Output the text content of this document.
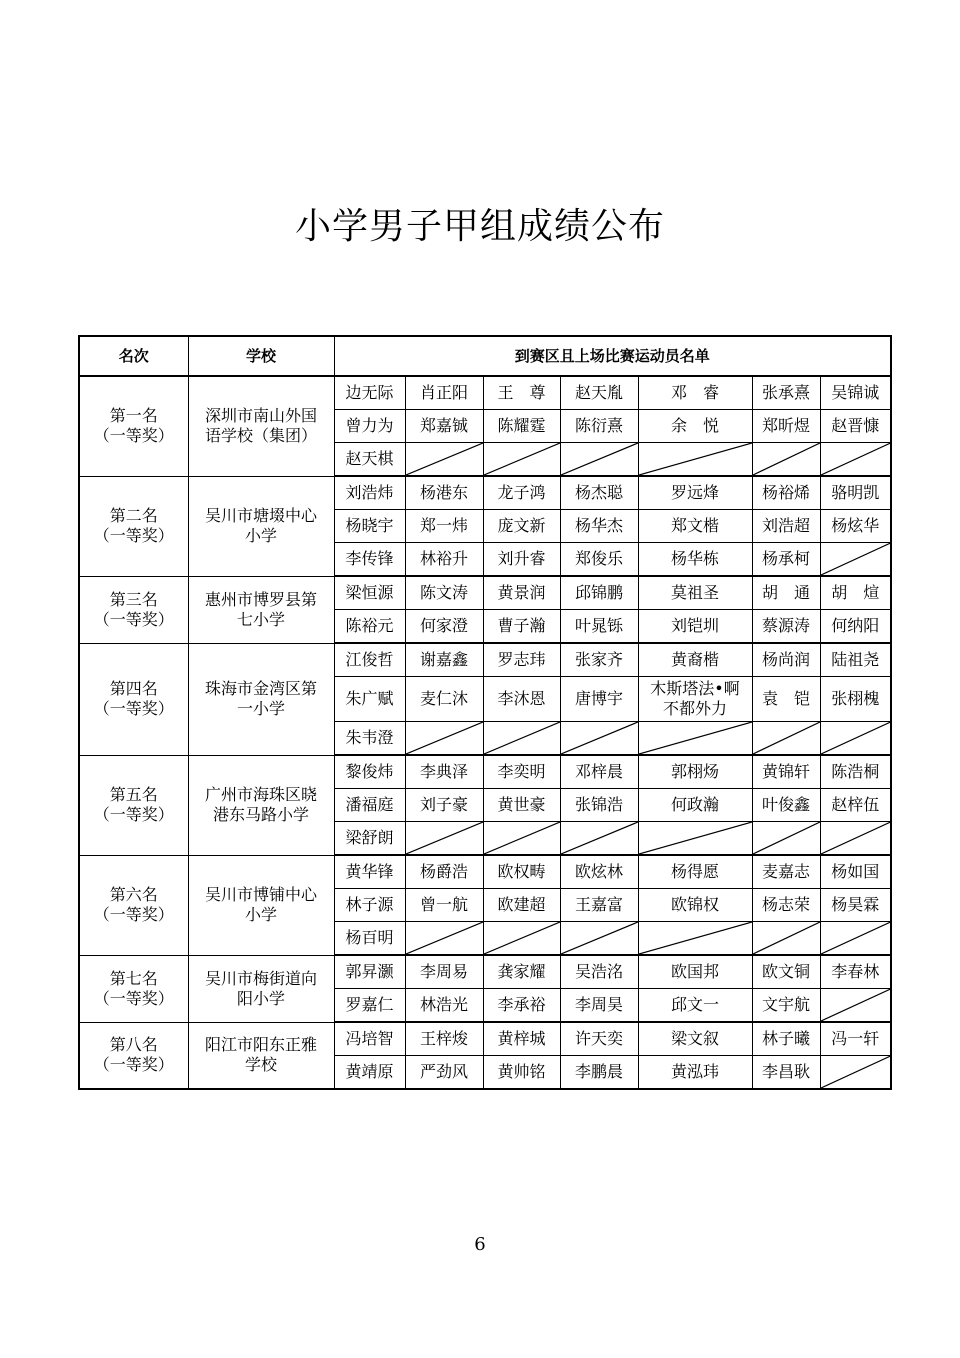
小学男子甲组成绩公布
名次	学校	到赛区且上场比赛运动员名单						

第一名
（一等奖）	深圳市南山外国语学校（集团）	边无际	肖正阳	王　尊	赵天胤	邓　睿	张承熹	吴锦诚
		曾力为	郑嘉铖	陈耀霆	陈衍熹	余　悦	郑昕煜	赵晋慷
		赵天棋	

第二名
（一等奖）	吴川市塘㙍中心小学	刘浩炜	杨港东	龙子鸿	杨杰聪	罗远烽	杨裕烯	骆明凯
		杨晓宇	郑一炜	庞文新	杨华杰	郑文楷	刘浩超	杨炫华
		李传锋	林裕升	刘升睿	郑俊乐	杨华栋	杨承柯	

第三名
（一等奖）	惠州市博罗县第七小学	梁恒源	陈文涛	黄景润	邱锦鹏	莫祖圣	胡　通	胡　煊
		陈裕元	何家澄	曹子瀚	叶晁铄	刘铠圳	蔡源涛	何纳阳

第四名
（一等奖）	珠海市金湾区第一小学	江俊哲	谢嘉鑫	罗志玮	张家齐	黄裔楷	杨尚润	陆祖尧
		朱广赋	麦仁沐	李沐恩	唐博宇	木斯塔法•啊不都外力	袁　铠	张栩槐
		朱韦澄	

第五名
（一等奖）	广州市海珠区晓港东马路小学	黎俊炜	李典泽	李奕明	邓梓晨	郭栩炀	黄锦轩	陈浩桐
		潘福庭	刘子豪	黄世豪	张锦浩	何政瀚	叶俊鑫	赵梓伍
		梁舒朗	

第六名
（一等奖）	吴川市博铺中心小学	黄华锋	杨爵浩	欧权畴	欧炫林	杨得愿	麦嘉志	杨如国
		林子源	曾一航	欧建超	王嘉富	欧锦权	杨志荣	杨昊霖
		杨百明	

第七名
（一等奖）	吴川市梅街道向阳小学	郭昇灏	李周易	龚家耀	吴浩洺	欧国邦	欧文铜	李春林
		罗嘉仁	林浩光	李承裕	李周昊	邱文一	文宇航	

第八名
（一等奖）	阳江市阳东正雅学校	冯培智	王梓焌	黄梓城	许天奕	梁文叙	林子曦	冯一轩
		黄靖原	严劲风	黄帅铭	李鹏晨	黄泓玮	李昌耿	
6
